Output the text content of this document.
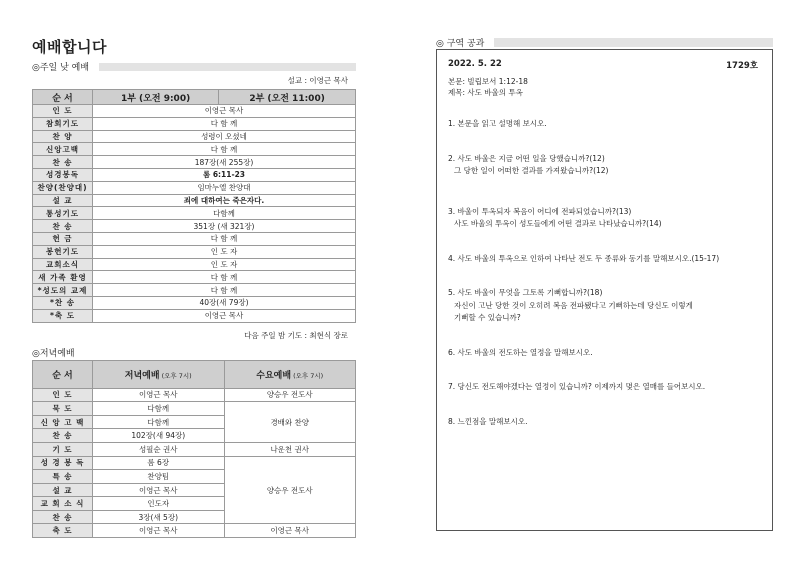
예배합니다
◎주일 낮 예배
설교 : 이영근 목사
순 서	1부 (오전 9:00)	2부 (오전 11:00)
인 도	이영근 목사	
참회기도	다 함 께	
찬 양	성령이 오셨네	
신앙고백	다 함 께	
찬 송	187장(새 255장)	
성경봉독	롬 6:11-23	
찬양(찬양대)	임마누엘 찬양대	
설 교	죄에 대하여는 죽은자다.	
통성기도	다함께	
찬 송	351장 (새 321장)	
헌 금	다 함 께	
봉헌기도	인 도 자	
교회소식	인 도 자	
새 가족 환영	다 함 께	
*성도의 교제	다 함 께	
*찬 송	40장(새 79장)	
*축 도	이영근 목사	
다음 주일 밤 기도 : 최현식 장로
◎저녁예배
순 서	저녁예배 (오후 7시)	수요예배 (오후 7시)
인 도	이영근 목사	양승우 전도사
묵 도	다함께	경배와 찬양
신 앙 고 백	다함께	
찬 송	102장(새 94장)	
기 도	성필순 권사	나운천 권사
성 경 봉 독	롬 6장	양승우 전도사
특 송	찬양팀	
설 교	이영근 목사	
교 회 소 식	인도자	
찬 송	3장(새 5장)	
축 도	이영근 목사	이영근 목사
◎ 구역 공과
2022. 5. 22	1729호
본문: 빌립보서 1:12-18
제목: 사도 바울의 투옥
1. 본문을 읽고 설명해 보시오.
2. 사도 바울은 지금 어떤 일을 당했습니까?(12)
그 당한 일이 어떠한 결과를 가져왔습니까?(12)
3. 바울이 투옥되자 복음이 어디에 전파되었습니까?(13)
사도 바울의 투옥이 성도들에게 어떤 결과로 나타났습니까?(14)
4. 사도 바울의 투옥으로 인하여 나타난 전도 두 종류와 동기를 말해보시오.(15-17)
5. 사도 바울이 무엇을 그토록 기뻐합니까?(18)
자신이 고난 당한 것이 오히려 복음 전파됐다고 기뻐하는데 당신도 이렇게
기뻐할 수 있습니까?
6. 사도 바울의 전도하는 열정을 말해보시오.
7. 당신도 전도해야겠다는 열정이 있습니까? 이제까지 몇은 열매를 들어보시오.
8. 느낀점을 말해보시오.
